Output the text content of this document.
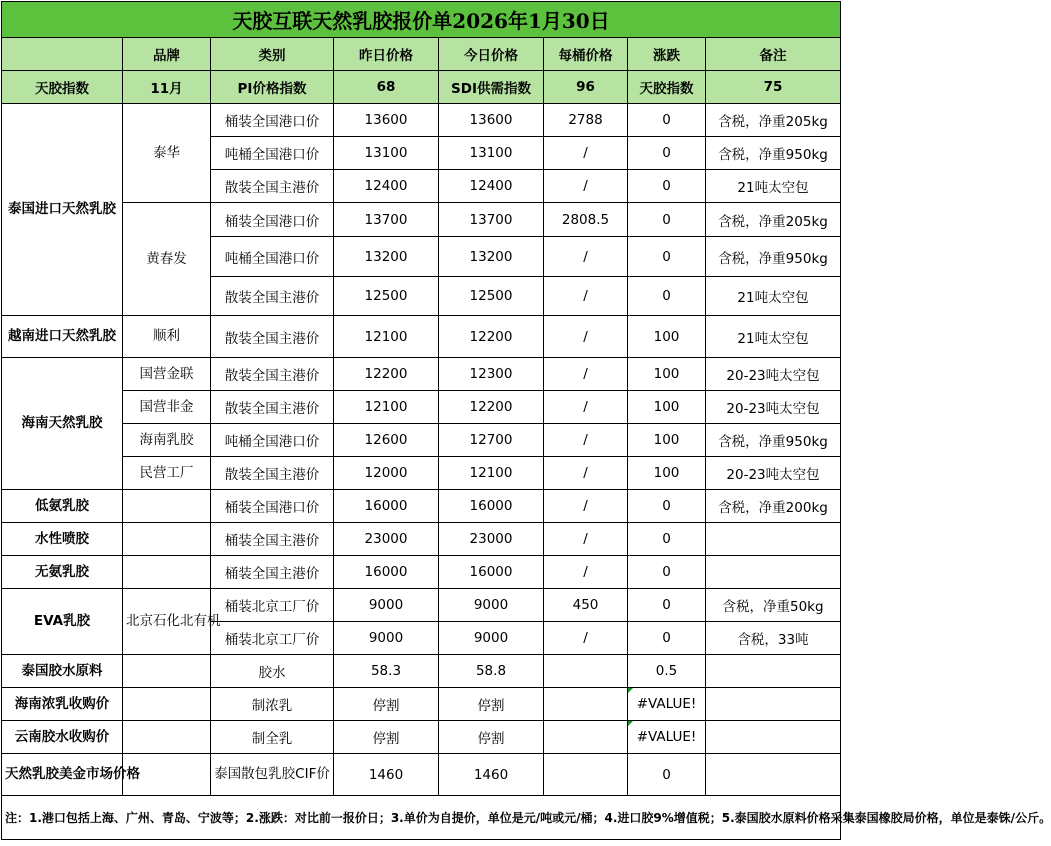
天胶互联天然乳胶报价单2026年1月30日							
	品牌	类别	昨日价格	今日价格	每桶价格	涨跌	备注
天胶指数	11月	PI价格指数	68	SDI供需指数	96	天胶指数	75
泰国进口天然乳胶	泰华	桶装全国港口价	13600	13600	2788	0	含税，净重205kg
		吨桶全国港口价	13100	13100	/	0	含税，净重950kg
		散装全国主港价	12400	12400	/	0	21吨太空包
	黄春发	桶装全国港口价	13700	13700	2808.5	0	含税，净重205kg
		吨桶全国港口价	13200	13200	/	0	含税，净重950kg
		散装全国主港价	12500	12500	/	0	21吨太空包
越南进口天然乳胶	顺利	散装全国主港价	12100	12200	/	100	21吨太空包
海南天然乳胶	国营金联	散装全国主港价	12200	12300	/	100	20-23吨太空包
	国营非金	散装全国主港价	12100	12200	/	100	20-23吨太空包
	海南乳胶	吨桶全国港口价	12600	12700	/	100	含税，净重950kg
	民营工厂	散装全国主港价	12000	12100	/	100	20-23吨太空包
低氨乳胶		桶装全国港口价	16000	16000	/	0	含税，净重200kg
水性喷胶		桶装全国主港价	23000	23000	/	0	
无氨乳胶		桶装全国主港价	16000	16000	/	0	
EVA乳胶	北京石化北有机	桶装北京工厂价	9000	9000	450	0	含税，净重50kg
		桶装北京工厂价	9000	9000	/	0	含税，33吨
泰国胶水原料		胶水	58.3	58.8		0.5	
海南浓乳收购价		制浓乳	停割	停割		#VALUE!	
云南胶水收购价		制全乳	停割	停割		#VALUE!	
天然乳胶美金市场价格		泰国散包乳胶CIF价	1460	1460		0	
注：1.港口包括上海、广州、青岛、宁波等；2.涨跌：对比前一报价日；3.单价为自提价，单位是元/吨或元/桶；4.进口胶9%增值税；5.泰国胶水原料价格采集泰国橡胶局价格，单位是泰铢/公斤。							
